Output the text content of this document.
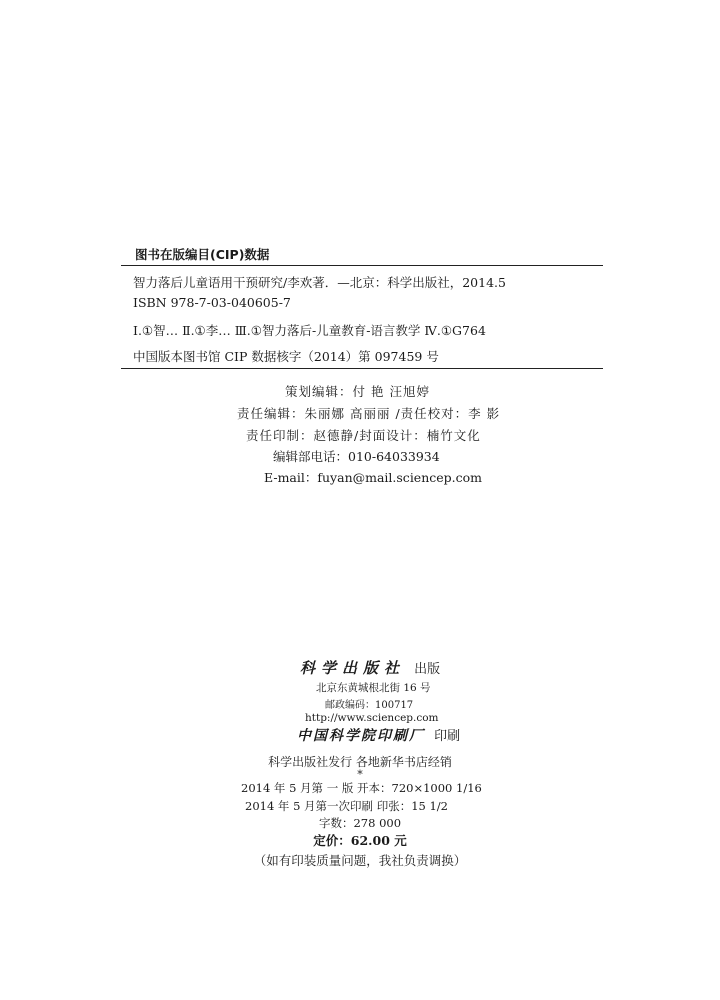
图书在版编目(CIP)数据
智力落后儿童语用干预研究/李欢著．—北京：科学出版社，2014.5
ISBN 978-7-03-040605-7
Ⅰ.①智… Ⅱ.①李… Ⅲ.①智力落后-儿童教育-语言教学 Ⅳ.①G764
中国版本图书馆 CIP 数据核字（2014）第 097459 号
策划编辑：付 艳 汪旭婷
责任编辑：朱丽娜 高丽丽 /责任校对：李 影
责任印制：赵德静/封面设计：楠竹文化
编辑部电话：010-64033934
E-mail：fuyan@mail.sciencep.com
科学出版社 出版
北京东黄城根北街 16 号
邮政编码：100717
http://www.sciencep.com
中国科学院印刷厂 印刷
科学出版社发行 各地新华书店经销
*
2014 年 5 月第 一 版 开本：720×1000 1/16
2014 年 5 月第一次印刷 印张：15 1/2
字数：278 000
定价：62.00 元
（如有印装质量问题，我社负责调换）
